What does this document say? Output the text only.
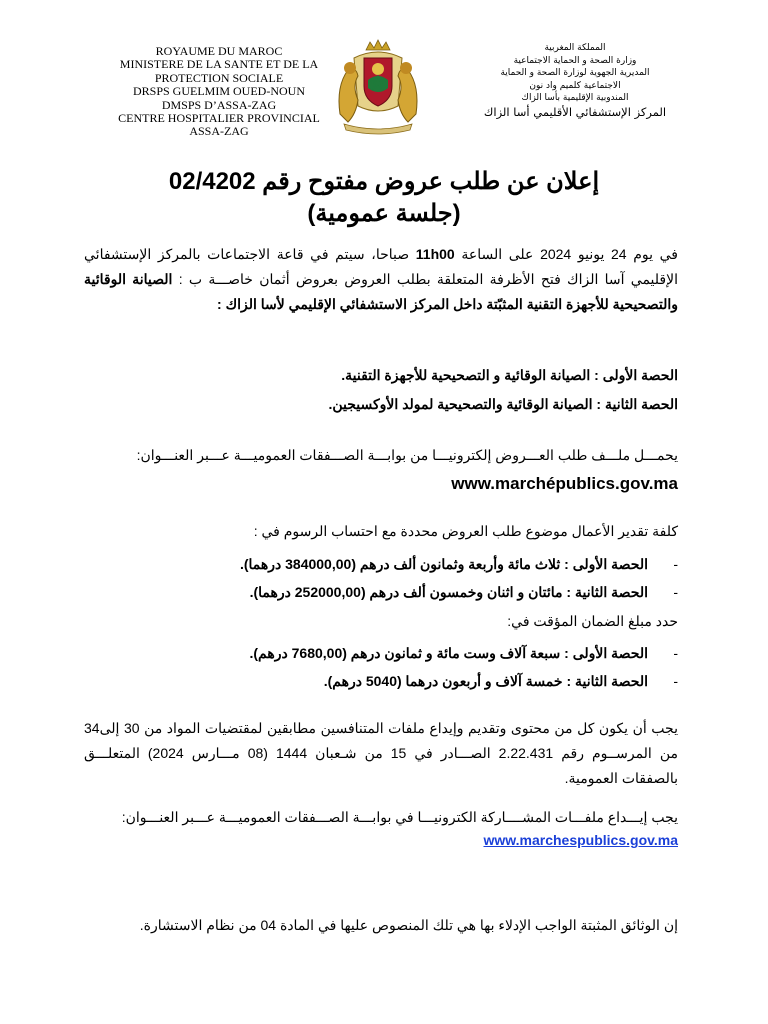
ROYAUME DU MAROC
MINISTERE DE LA SANTE ET DE LA
PROTECTION SOCIALE
DRSPS GUELMIM OUED-NOUN
DMSPS D’ASSA-ZAG
CENTRE HOSPITALIER PROVINCIAL
ASSA-ZAG
المملكة المغربية
وزارة الصحة و الحماية الاجتماعية
المديرية الجهوية لوزارة الصحة و الحماية
الاجتماعية كلميم واد نون
المندوبية الإقليمية بأسا الزاك
المركز الإستشفائي الأقليمي أسا الزاك
إعلان عن طلب عروض مفتوح رقم 02/4202
(جلسة عمومية)
في يوم 24 يونيو 2024 على الساعة 11h00 صباحا، سيتم في قاعة الاجتماعات بالمركز الإستشفائي الإقليمي آسا الزاك فتح الأظرفة المتعلقة بطلب العروض بعروض أثمان خاصـــة ب : الصيانة الوقائية والتصحيحية للأجهزة التقنية المثبّتة داخل المركز الاستشفائي الإقليمي لأسا الزاك :
الحصة الأولى : الصيانة الوقائية و التصحيحية للأجهزة التقنية.
الحصة الثانية : الصيانة الوقائية والتصحيحية لمولد الأوكسيجين.
يحمـــل ملـــف طلب العـــروض إلكترونيـــا من بوابـــة الصـــفقات العموميـــة عـــبر العنـــوان:
www.marchépublics.gov.ma
كلفة تقدير الأعمال موضوع طلب العروض محددة مع احتساب الرسوم في :
-الحصة الأولى : ثلاث مائة وأربعة وثمانون ألف درهم (384000,00 درهما).
-الحصة الثانية : مائتان و اثنان وخمسون ألف درهم (252000,00 درهما).
حدد مبلغ الضمان المؤقت في:
-الحصة الأولى : سبعة آلاف وست مائة و ثمانون درهم (7680,00 درهم).
-الحصة الثانية : خمسة آلاف و أربعون درهما (5040 درهم).
يجب أن يكون كل من محتوى وتقديم وإيداع ملفات المتنافسين مطابقين لمقتضيات المواد من 30 إلى34 من المرســوم رقم 2.22.431 الصـــادر في 15 من شـعبان 1444 (08 مـــارس 2024) المتعلـــق بالصفقات العمومية.
يجب إيـــداع ملفـــات المشــــاركة الكترونيـــا في بوابـــة الصـــفقات العموميـــة عـــبر العنـــوان:
www.marchespublics.gov.ma
إن الوثائق المثبتة الواجب الإدلاء بها هي تلك المنصوص عليها في المادة 04 من نظام الاستشارة.
